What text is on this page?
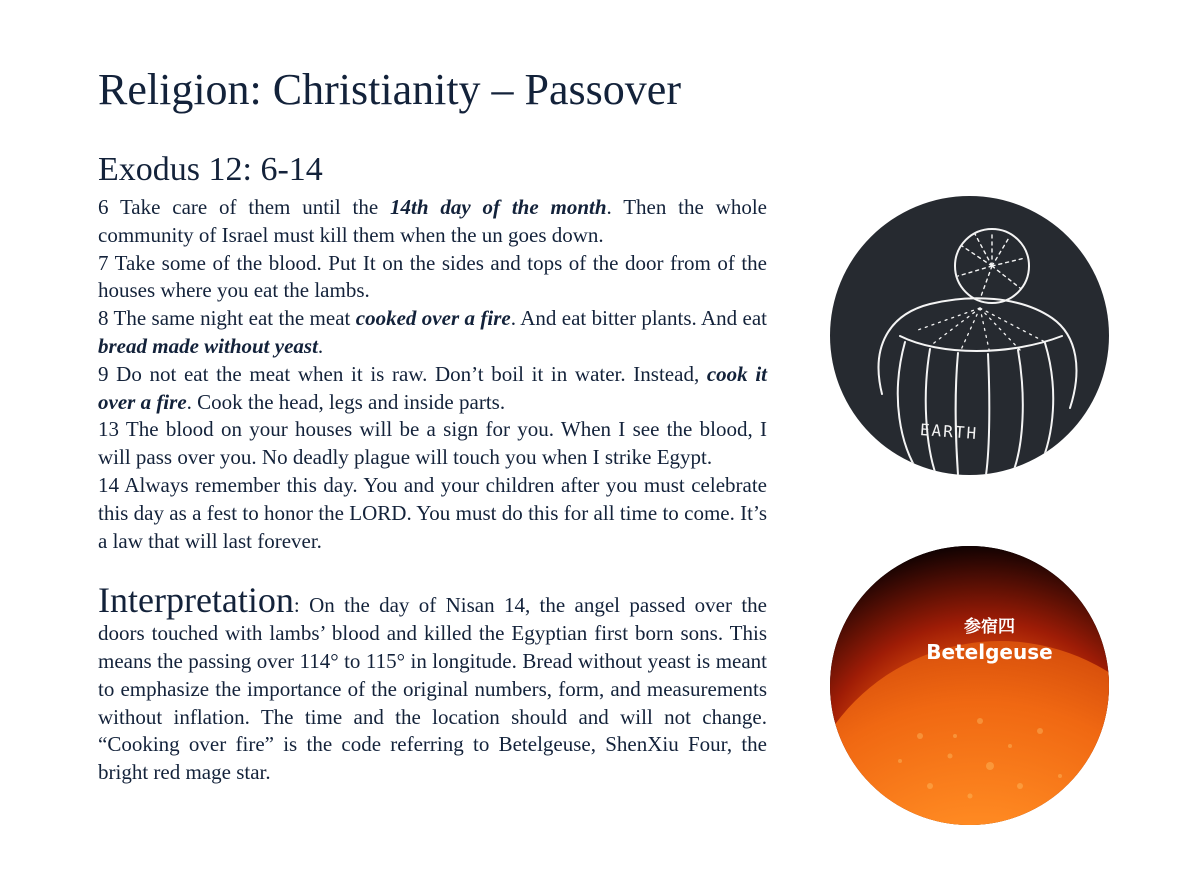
Religion: Christianity – Passover
Exodus 12: 6-14

6 Take care of them until the 14th day of the month. Then the whole community of Israel must kill them when the un goes down.

7 Take some of the blood. Put It on the sides and tops of the door from of the houses where you eat the lambs.

8 The same night eat the meat cooked over a fire. And eat bitter plants. And eat bread made without yeast.

9 Do not eat the meat when it is raw. Don’t boil it in water. Instead, cook it over a fire. Cook the head, legs and inside parts.

13 The blood on your houses will be a sign for you. When I see the blood, I will pass over you. No deadly plague will touch you when I strike Egypt.

14 Always remember this day. You and your children after you must celebrate this day as a fest to honor the LORD. You must do this for all time to come. It’s a law that will last forever.

Interpretation: On the day of Nisan 14, the angel passed over the doors touched with lambs’ blood and killed the Egyptian first born sons. This means the passing over 114° to 115° in longitude. Bread without yeast is meant to emphasize the importance of the original numbers, form, and measurements without inflation. The time and the location should and will not change. “Cooking over fire” is the code referring to Betelgeuse, ShenXiu Four, the bright red mage star.

EARTH
参宿四
Betelgeuse
